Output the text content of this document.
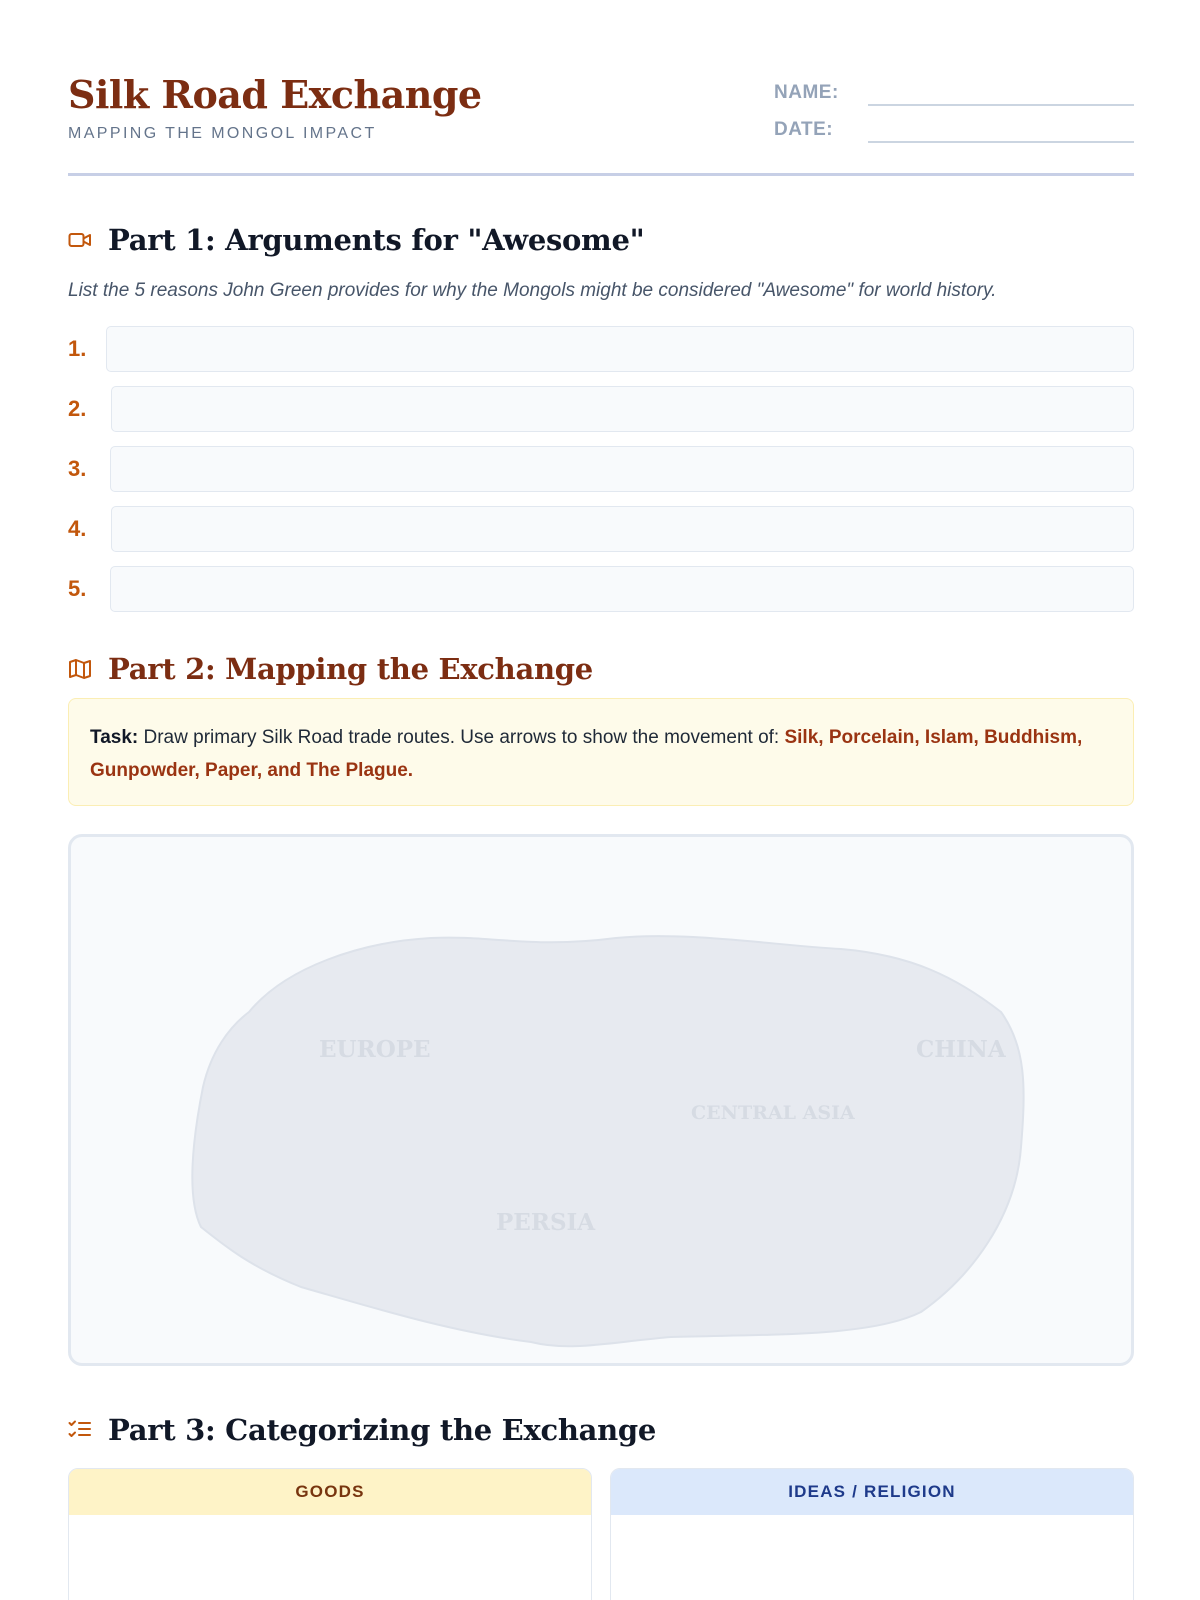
Silk Road Exchange
MAPPING THE MONGOL IMPACT
NAME:
DATE:
Part 1: Arguments for "Awesome"
List the 5 reasons John Green provides for why the Mongols might be considered "Awesome" for world history.
1.
2.
3.
4.
5.
Part 2: Mapping the Exchange
Task: Draw primary Silk Road trade routes. Use arrows to show the movement of: Silk, Porcelain, Islam, Buddhism, Gunpowder, Paper, and The Plague.
EUROPE	CHINA
CENTRAL ASIA
PERSIA
Part 3: Categorizing the Exchange
GOODS	IDEAS / RELIGION
